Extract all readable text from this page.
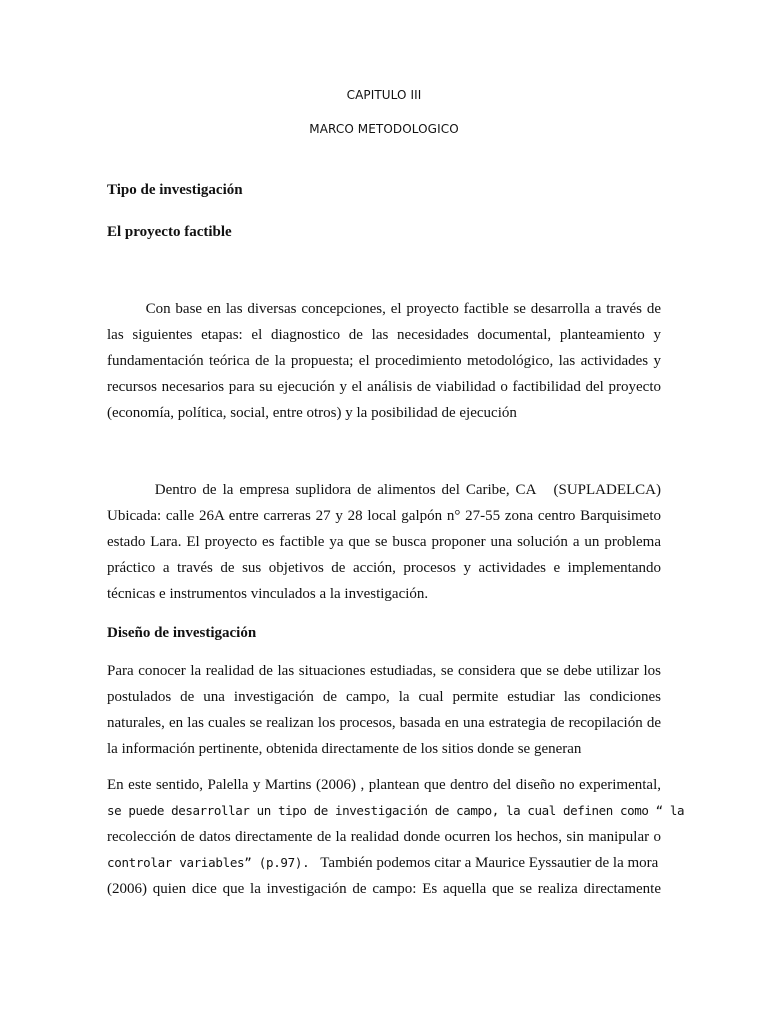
CAPITULO III
MARCO METODOLOGICO
Tipo de investigación
El proyecto factible
Con base en las diversas concepciones, el proyecto factible se desarrolla a través de
las siguientes etapas: el diagnostico de las necesidades documental, planteamiento y
fundamentación teórica de la propuesta; el procedimiento metodológico, las actividades y
recursos necesarios para su ejecución y el análisis de viabilidad o factibilidad del proyecto
(economía, política, social, entre otros) y la posibilidad de ejecución
Dentro de la empresa suplidora de alimentos del Caribe, CA   (SUPLADELCA)
Ubicada: calle 26A entre carreras 27 y 28 local galpón n° 27-55 zona centro Barquisimeto
estado Lara. El proyecto es factible ya que se busca proponer una solución a un problema
práctico a través de sus objetivos de acción, procesos y actividades e implementando
técnicas e instrumentos vinculados a la investigación.
Diseño de investigación
Para conocer la realidad de las situaciones estudiadas, se considera que se debe utilizar los
postulados de una investigación de campo, la cual permite estudiar las condiciones
naturales, en las cuales se realizan los procesos, basada en una estrategia de recopilación de
la información pertinente, obtenida directamente de los sitios donde se generan
En este sentido, Palella y Martins (2006) , plantean que dentro del diseño no experimental,
se puede desarrollar un tipo de investigación de campo, la cual definen como “ la
recolección de datos directamente de la realidad donde ocurren los hechos, sin manipular o
controlar variables” (p.97).   También podemos citar a Maurice Eyssautier de la mora
(2006) quien dice que la investigación de campo: Es aquella que se realiza directamente
